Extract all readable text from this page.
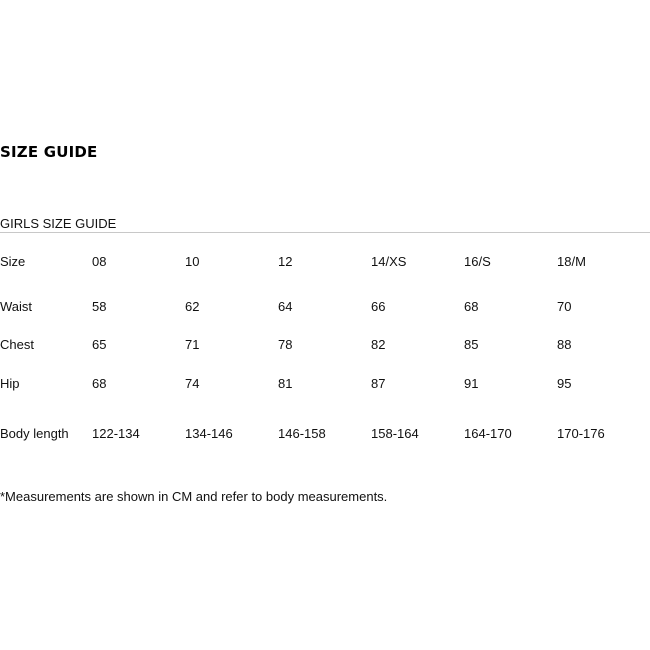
SIZE GUIDE
GIRLS SIZE GUIDE
Size	08	10	12	14/XS	16/S	18/M
Waist	58	62	64	66	68	70
Chest	65	71	78	82	85	88
Hip	68	74	81	87	91	95
Body length 122-134	134-146	146-158	158-164	164-170	170-176
*Measurements are shown in CM and refer to body measurements.
